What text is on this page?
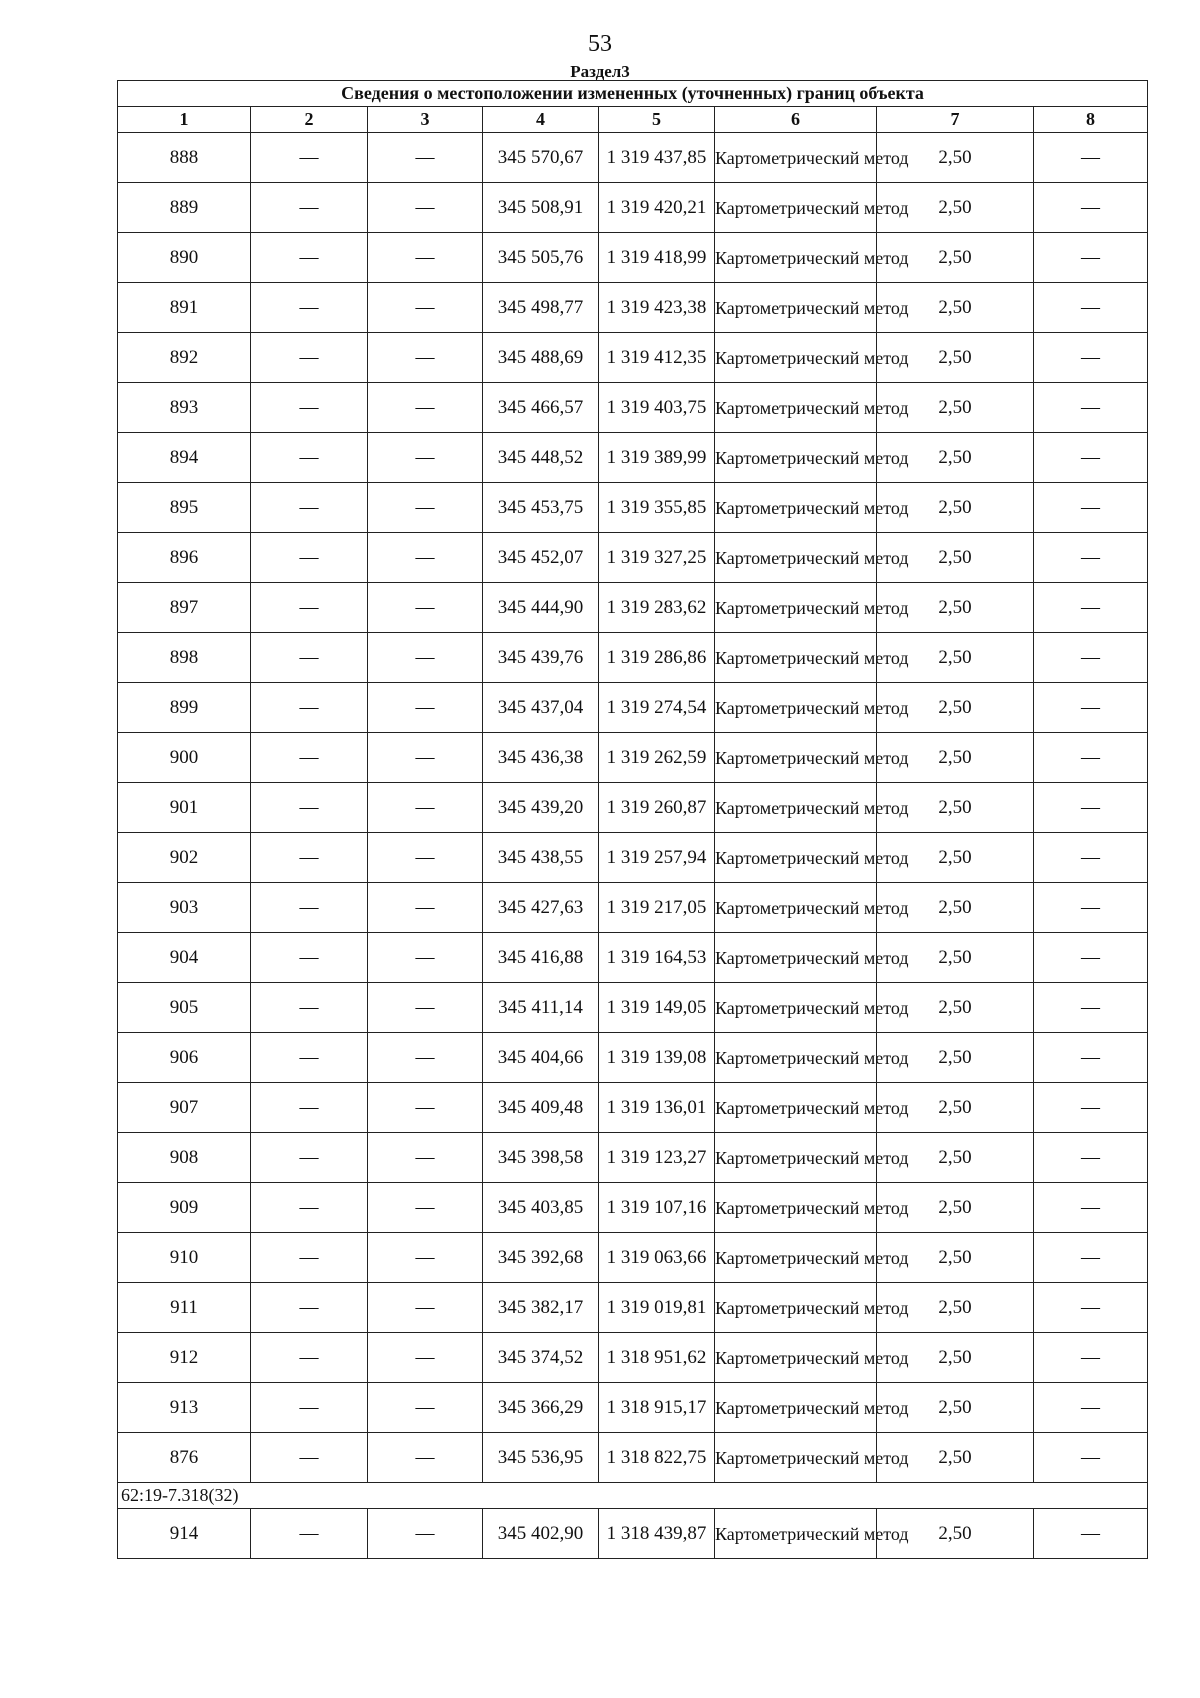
53
Раздел3
Сведения о местоположении измененных (уточненных) границ объекта							
1	2	3	4	5	6	7	8
888	—	—	345 570,67	1 319 437,85	Картометрический метод	2,50	—
889	—	—	345 508,91	1 319 420,21	Картометрический метод	2,50	—
890	—	—	345 505,76	1 319 418,99	Картометрический метод	2,50	—
891	—	—	345 498,77	1 319 423,38	Картометрический метод	2,50	—
892	—	—	345 488,69	1 319 412,35	Картометрический метод	2,50	—
893	—	—	345 466,57	1 319 403,75	Картометрический метод	2,50	—
894	—	—	345 448,52	1 319 389,99	Картометрический метод	2,50	—
895	—	—	345 453,75	1 319 355,85	Картометрический метод	2,50	—
896	—	—	345 452,07	1 319 327,25	Картометрический метод	2,50	—
897	—	—	345 444,90	1 319 283,62	Картометрический метод	2,50	—
898	—	—	345 439,76	1 319 286,86	Картометрический метод	2,50	—
899	—	—	345 437,04	1 319 274,54	Картометрический метод	2,50	—
900	—	—	345 436,38	1 319 262,59	Картометрический метод	2,50	—
901	—	—	345 439,20	1 319 260,87	Картометрический метод	2,50	—
902	—	—	345 438,55	1 319 257,94	Картометрический метод	2,50	—
903	—	—	345 427,63	1 319 217,05	Картометрический метод	2,50	—
904	—	—	345 416,88	1 319 164,53	Картометрический метод	2,50	—
905	—	—	345 411,14	1 319 149,05	Картометрический метод	2,50	—
906	—	—	345 404,66	1 319 139,08	Картометрический метод	2,50	—
907	—	—	345 409,48	1 319 136,01	Картометрический метод	2,50	—
908	—	—	345 398,58	1 319 123,27	Картометрический метод	2,50	—
909	—	—	345 403,85	1 319 107,16	Картометрический метод	2,50	—
910	—	—	345 392,68	1 319 063,66	Картометрический метод	2,50	—
911	—	—	345 382,17	1 319 019,81	Картометрический метод	2,50	—
912	—	—	345 374,52	1 318 951,62	Картометрический метод	2,50	—
913	—	—	345 366,29	1 318 915,17	Картометрический метод	2,50	—
876	—	—	345 536,95	1 318 822,75	Картометрический метод	2,50	—
62:19-7.318(32)							
914	—	—	345 402,90	1 318 439,87	Картометрический метод	2,50	—
